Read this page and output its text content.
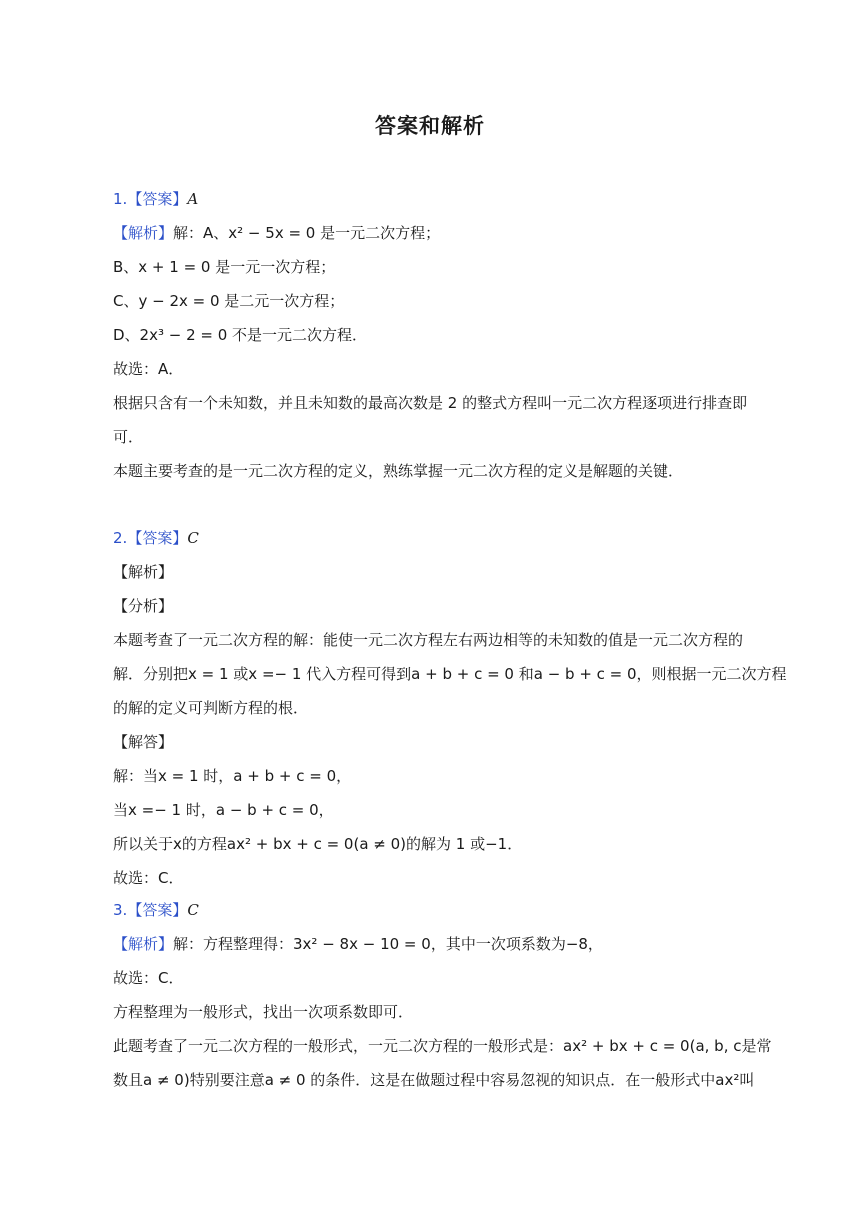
答案和解析
1.【答案】A
【解析】解：A、x² − 5x = 0 是一元二次方程；
B、x + 1 = 0 是一元一次方程；
C、y − 2x = 0 是二元一次方程；
D、2x³ − 2 = 0 不是一元二次方程．
故选：A．
根据只含有一个未知数，并且未知数的最高次数是 2 的整式方程叫一元二次方程逐项进行排查即
可．
本题主要考查的是一元二次方程的定义，熟练掌握一元二次方程的定义是解题的关键．
2.【答案】C
【解析】
【分析】
本题考查了一元二次方程的解：能使一元二次方程左右两边相等的未知数的值是一元二次方程的
解．分别把x = 1 或x =− 1 代入方程可得到a + b + c = 0 和a − b + c = 0，则根据一元二次方程
的解的定义可判断方程的根．
【解答】
解：当x = 1 时，a + b + c = 0，
当x =− 1 时，a − b + c = 0，
所以关于x的方程ax² + bx + c = 0(a ≠ 0)的解为 1 或−1．
故选：C．
3.【答案】C
【解析】解：方程整理得：3x² − 8x − 10 = 0，其中一次项系数为−8，
故选：C．
方程整理为一般形式，找出一次项系数即可．
此题考查了一元二次方程的一般形式，一元二次方程的一般形式是：ax² + bx + c = 0(a, b, c是常
数且a ≠ 0)特别要注意a ≠ 0 的条件．这是在做题过程中容易忽视的知识点．在一般形式中ax²叫
